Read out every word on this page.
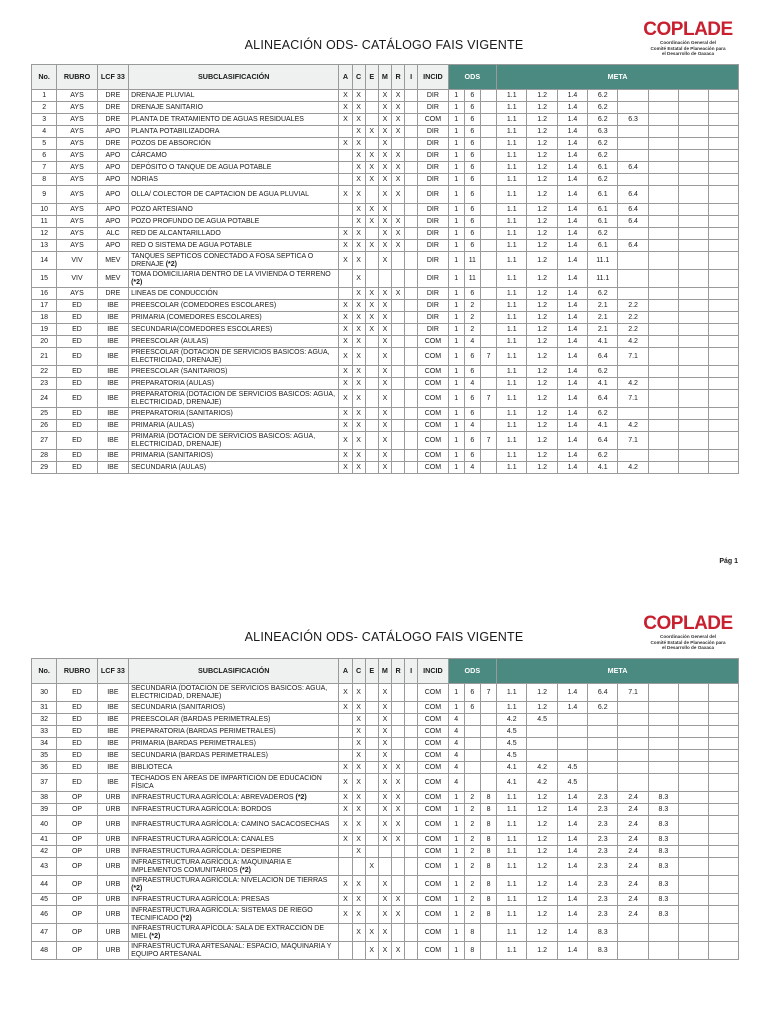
ALINEACIÓN ODS- CATÁLOGO FAIS VIGENTE
COPLADE
Coordinación General del
Comité Estatal de Planeación para
el Desarrollo de Oaxaca
No.	RUBRO	LCF 33	SUBCLASIFICACIÓN	A	C	E	M	R	I	INCID	ODS			META							
1	AYS	DRE	DRENAJE PLUVIAL	X	X		X	X		DIR	1	6		1.1	1.2	1.4	6.2				
2	AYS	DRE	DRENAJE SANITARIO	X	X		X	X		DIR	1	6		1.1	1.2	1.4	6.2				
3	AYS	DRE	PLANTA DE TRATAMIENTO DE AGUAS RESIDUALES	X	X		X	X		COM	1	6		1.1	1.2	1.4	6.2	6.3			
4	AYS	APO	PLANTA POTABILIZADORA		X	X	X	X		DIR	1	6		1.1	1.2	1.4	6.3				
5	AYS	DRE	POZOS DE ABSORCIÓN	X	X		X			DIR	1	6		1.1	1.2	1.4	6.2				
6	AYS	APO	CÁRCAMO		X	X	X	X		DIR	1	6		1.1	1.2	1.4	6.2				
7	AYS	APO	DEPÓSITO O TANQUE DE AGUA POTABLE		X	X	X	X		DIR	1	6		1.1	1.2	1.4	6.1	6.4			
8	AYS	APO	NORIAS		X	X	X	X		DIR	1	6		1.1	1.2	1.4	6.2				
9	AYS	APO	OLLA/ COLECTOR DE CAPTACION DE AGUA PLUVIAL	X	X		X	X		DIR	1	6		1.1	1.2	1.4	6.1	6.4			
10	AYS	APO	POZO ARTESIANO		X	X	X			DIR	1	6		1.1	1.2	1.4	6.1	6.4			
11	AYS	APO	POZO PROFUNDO DE AGUA POTABLE		X	X	X	X		DIR	1	6		1.1	1.2	1.4	6.1	6.4			
12	AYS	ALC	RED DE ALCANTARILLADO	X	X		X	X		DIR	1	6		1.1	1.2	1.4	6.2				
13	AYS	APO	RED O SISTEMA DE AGUA POTABLE	X	X	X	X	X		DIR	1	6		1.1	1.2	1.4	6.1	6.4			
14	VIV	MEV	TANQUES SEPTICOS CONECTADO A FOSA SEPTICA O DRENAJE (*2)	X	X		X			DIR	1	11		1.1	1.2	1.4	11.1				
15	VIV	MEV	TOMA DOMICILIARIA DENTRO DE LA VIVIENDA O TERRENO (*2)		X					DIR	1	11		1.1	1.2	1.4	11.1				
16	AYS	DRE	LINEAS DE CONDUCCIÓN		X	X	X	X		DIR	1	6		1.1	1.2	1.4	6.2				
17	ED	IBE	PREESCOLAR (COMEDORES ESCOLARES)	X	X	X	X			DIR	1	2		1.1	1.2	1.4	2.1	2.2			
18	ED	IBE	PRIMARIA (COMEDORES ESCOLARES)	X	X	X	X			DIR	1	2		1.1	1.2	1.4	2.1	2.2			
19	ED	IBE	SECUNDARIA(COMEDORES ESCOLARES)	X	X	X	X			DIR	1	2		1.1	1.2	1.4	2.1	2.2			
20	ED	IBE	PREESCOLAR (AULAS)	X	X		X			COM	1	4		1.1	1.2	1.4	4.1	4.2			
21	ED	IBE	PREESCOLAR (DOTACION DE SERVICIOS BASICOS: AGUA, ELECTRICIDAD, DRENAJE)	X	X		X			COM	1	6	7	1.1	1.2	1.4	6.4	7.1			
22	ED	IBE	PREESCOLAR (SANITARIOS)	X	X		X			COM	1	6		1.1	1.2	1.4	6.2				
23	ED	IBE	PREPARATORIA (AULAS)	X	X		X			COM	1	4		1.1	1.2	1.4	4.1	4.2			
24	ED	IBE	PREPARATORIA (DOTACION DE SERVICIOS BASICOS: AGUA, ELECTRICIDAD, DRENAJE)	X	X		X			COM	1	6	7	1.1	1.2	1.4	6.4	7.1			
25	ED	IBE	PREPARATORIA (SANITARIOS)	X	X		X			COM	1	6		1.1	1.2	1.4	6.2				
26	ED	IBE	PRIMARIA (AULAS)	X	X		X			COM	1	4		1.1	1.2	1.4	4.1	4.2			
27	ED	IBE	PRIMARIA (DOTACION DE SERVICIOS BASICOS: AGUA, ELECTRICIDAD, DRENAJE)	X	X		X			COM	1	6	7	1.1	1.2	1.4	6.4	7.1			
28	ED	IBE	PRIMARIA (SANITARIOS)	X	X		X			COM	1	6		1.1	1.2	1.4	6.2				
29	ED	IBE	SECUNDARIA (AULAS)	X	X		X			COM	1	4		1.1	1.2	1.4	4.1	4.2			
Pág 1
ALINEACIÓN ODS- CATÁLOGO FAIS VIGENTE
COPLADE
Coordinación General del
Comité Estatal de Planeación para
el Desarrollo de Oaxaca
No.	RUBRO	LCF 33	SUBCLASIFICACIÓN	A	C	E	M	R	I	INCID	ODS			META							
30	ED	IBE	SECUNDARIA (DOTACION DE SERVICIOS BASICOS: AGUA, ELECTRICIDAD, DRENAJE)	X	X		X			COM	1	6	7	1.1	1.2	1.4	6.4	7.1			
31	ED	IBE	SECUNDARIA (SANITARIOS)	X	X		X			COM	1	6		1.1	1.2	1.4	6.2				
32	ED	IBE	PREESCOLAR (BARDAS PERIMETRALES)		X		X			COM	4			4.2	4.5						
33	ED	IBE	PREPARATORIA (BARDAS PERIMETRALES)		X		X			COM	4			4.5							
34	ED	IBE	PRIMARIA (BARDAS PERIMETRALES)		X		X			COM	4			4.5							
35	ED	IBE	SECUNDARIA (BARDAS PERIMETRALES)		X		X			COM	4			4.5							
36	ED	IBE	BIBLIOTECA	X	X		X	X		COM	4			4.1	4.2	4.5					
37	ED	IBE	TECHADOS EN ÁREAS DE IMPARTICIÓN DE EDUCACIÓN FÍSICA	X	X		X	X		COM	4			4.1	4.2	4.5					
38	OP	URB	INFRAESTRUCTURA AGRÍCOLA: ABREVADEROS (*2)	X	X		X	X		COM	1	2	8	1.1	1.2	1.4	2.3	2.4	8.3		
39	OP	URB	INFRAESTRUCTURA AGRÍCOLA: BORDOS	X	X		X	X		COM	1	2	8	1.1	1.2	1.4	2.3	2.4	8.3		
40	OP	URB	INFRAESTRUCTURA AGRÍCOLA: CAMINO SACACOSECHAS	X	X		X	X		COM	1	2	8	1.1	1.2	1.4	2.3	2.4	8.3		
41	OP	URB	INFRAESTRUCTURA AGRÍCOLA: CANALES	X	X		X	X		COM	1	2	8	1.1	1.2	1.4	2.3	2.4	8.3		
42	OP	URB	INFRAESTRUCTURA AGRÍCOLA: DESPIEDRE		X					COM	1	2	8	1.1	1.2	1.4	2.3	2.4	8.3		
43	OP	URB	INFRAESTRUCTURA AGRÍCOLA: MAQUINARIA E IMPLEMENTOS COMUNITARIOS (*2)			X				COM	1	2	8	1.1	1.2	1.4	2.3	2.4	8.3		
44	OP	URB	INFRAESTRUCTURA AGRÍCOLA: NIVELACION DE TIERRAS (*2)	X	X		X			COM	1	2	8	1.1	1.2	1.4	2.3	2.4	8.3		
45	OP	URB	INFRAESTRUCTURA AGRÍCOLA: PRESAS	X	X		X	X		COM	1	2	8	1.1	1.2	1.4	2.3	2.4	8.3		
46	OP	URB	INFRAESTRUCTURA AGRÍCOLA: SISTEMAS DE RIEGO TECNIFICADO (*2)	X	X		X	X		COM	1	2	8	1.1	1.2	1.4	2.3	2.4	8.3		
47	OP	URB	INFRAESTRUCTURA APÍCOLA: SALA DE EXTRACCIÓN DE MIEL (*2)		X	X	X			COM	1	8		1.1	1.2	1.4	8.3				
48	OP	URB	INFRAESTRUCTURA ARTESANAL: ESPACIO, MAQUINARIA Y EQUIPO ARTESANAL			X	X	X		COM	1	8		1.1	1.2	1.4	8.3				
